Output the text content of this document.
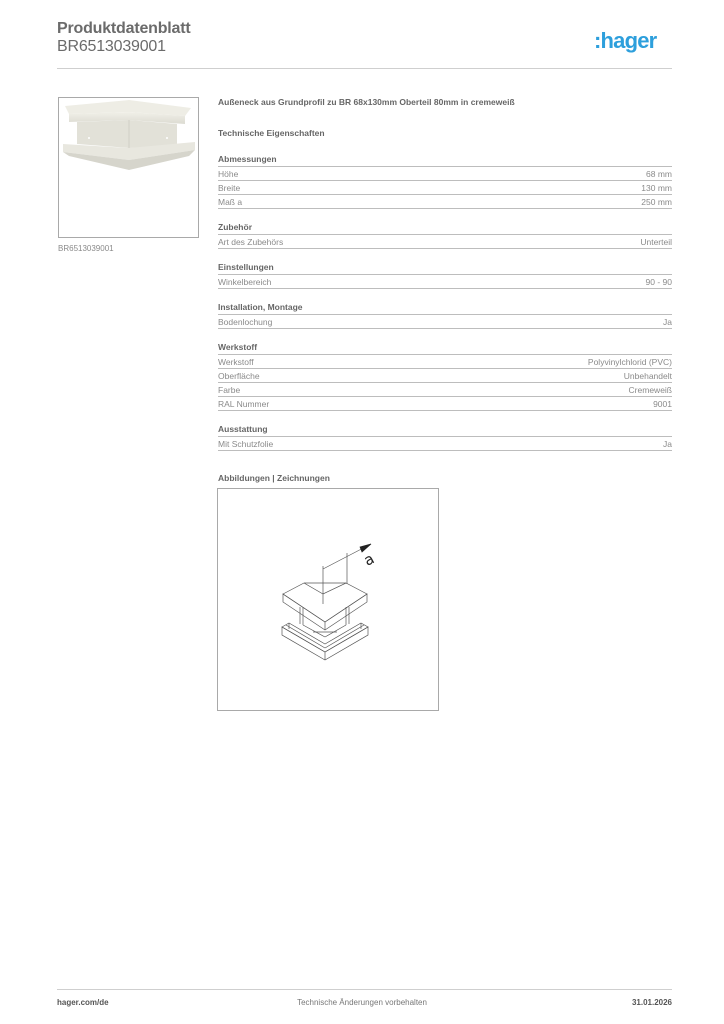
Produktdatenblatt
BR6513039001	:hager
BR6513039001
Außeneck aus Grundprofil zu BR 68x130mm Oberteil 80mm in cremeweiß
Technische Eigenschaften
Abmessungen
Höhe	68 mm
Breite	130 mm
Maß a	250 mm
Zubehör
Art des Zubehörs	Unterteil
Einstellungen
Winkelbereich	90 - 90
Installation, Montage
Bodenlochung	Ja
Werkstoff
Werkstoff	Polyvinylchlorid (PVC)
Oberfläche	Unbehandelt
Farbe	Cremeweiß
RAL Nummer	9001
Ausstattung
Mit Schutzfolie	Ja
Abbildungen | Zeichnungen
a
hager.com/de	Technische Änderungen vorbehalten	31.01.2026
